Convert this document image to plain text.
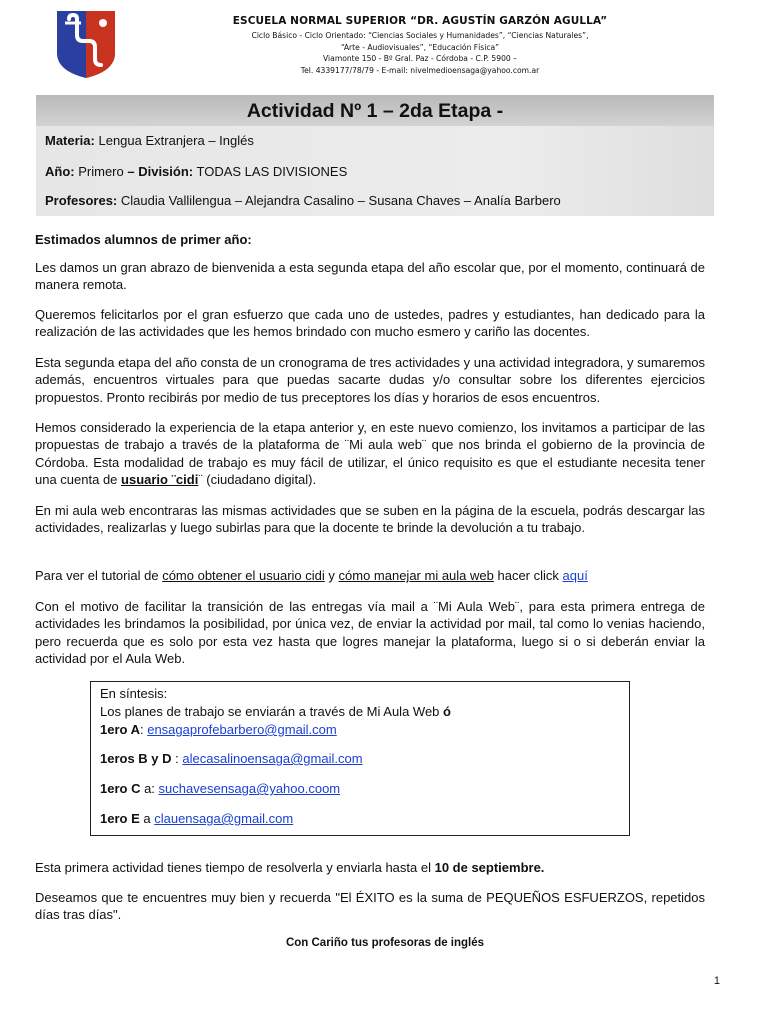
ESCUELA NORMAL SUPERIOR “DR. AGUSTÍN GARZÓN AGULLA”
Ciclo Básico - Ciclo Orientado: “Ciencias Sociales y Humanidades”, “Ciencias Naturales”,
“Arte - Audiovisuales”, “Educación Física”
Viamonte 150 - Bº Gral. Paz - Córdoba - C.P. 5900 –
Tel. 4339177/78/79 - E-mail: nivelmedioensaga@yahoo.com.ar
Actividad Nº 1 – 2da Etapa -
Materia: Lengua Extranjera – Inglés
Año: Primero – División: TODAS LAS DIVISIONES
Profesores: Claudia Vallilengua – Alejandra Casalino – Susana Chaves – Analía Barbero
Estimados alumnos de primer año:
Les damos un gran abrazo de bienvenida a esta segunda etapa del año escolar que, por el momento, continuará de manera remota.
Queremos felicitarlos por el gran esfuerzo que cada uno de ustedes, padres y estudiantes, han dedicado para la realización de las actividades que les hemos brindado con mucho esmero y cariño las docentes.
Esta segunda etapa del año consta de un cronograma de tres actividades y una actividad integradora, y sumaremos además, encuentros virtuales para que puedas sacarte dudas y/o consultar sobre los diferentes ejercicios propuestos. Pronto recibirás por medio de tus preceptores los días y horarios de esos encuentros.
Hemos considerado la experiencia de la etapa anterior y, en este nuevo comienzo, los invitamos a participar de las propuestas de trabajo a través de la plataforma de ¨Mi aula web¨ que nos brinda el gobierno de la provincia de Córdoba. Esta modalidad de trabajo es muy fácil de utilizar, el único requisito es que el estudiante necesita tener una cuenta de usuario ¨cidi¨ (ciudadano digital).
En mi aula web encontraras las mismas actividades que se suben en la página de la escuela, podrás descargar las actividades, realizarlas y luego subirlas para que la docente te brinde la devolución a tu trabajo.
Para ver el tutorial de cómo obtener el usuario cidi y cómo manejar mi aula web hacer click aquí
Con el motivo de facilitar la transición de las entregas vía mail a ¨Mi Aula Web¨, para esta primera entrega de actividades les brindamos la posibilidad, por única vez, de enviar la actividad por mail, tal como lo venias haciendo, pero recuerda que es solo por esta vez hasta que logres manejar la plataforma, luego si o si deberán enviar la actividad por el Aula Web.
En síntesis:
Los planes de trabajo se enviarán a través de Mi Aula Web ó
1ero A: ensagaprofebarbero@gmail.com
1eros B y D : alecasalinoensaga@gmail.com
1ero C a: suchavesensaga@yahoo.coom
1ero E a clauensaga@gmail.com
Esta primera actividad tienes tiempo de resolverla y enviarla hasta el 10 de septiembre.
Deseamos que te encuentres muy bien y recuerda "El ÉXITO es la suma de PEQUEÑOS ESFUERZOS, repetidos días tras días".
Con Cariño tus profesoras de inglés
1
